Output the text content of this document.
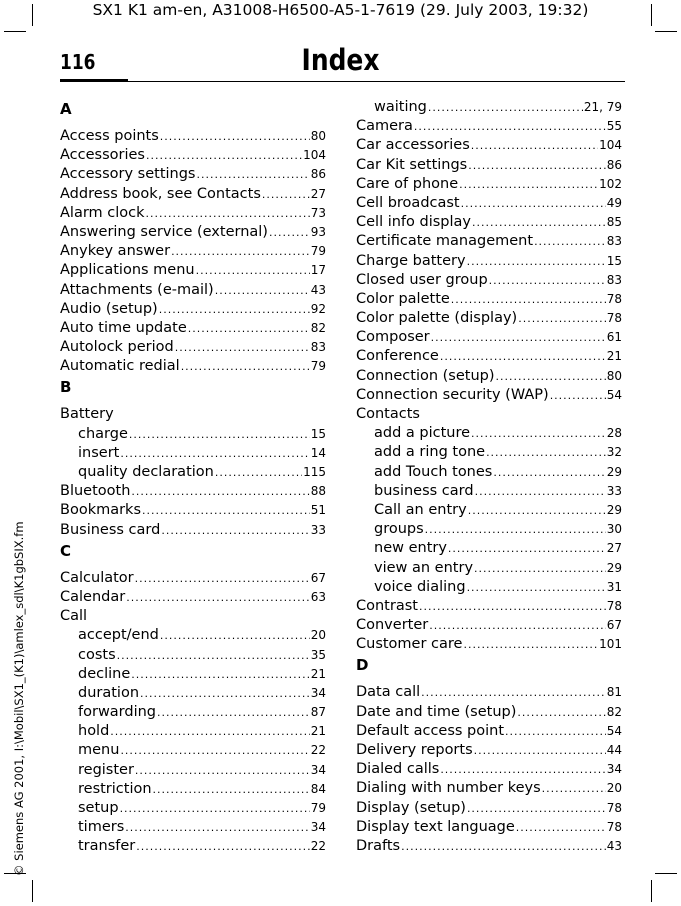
SX1 K1 am-en, A31008-H6500-A5-1-7619 (29. July 2003, 19:32)
© Siemens AG 2001, I:\Mobil\SX1_(K1)\amlex_sdl\K1gbSIX.fm
116	Index
A
Access points .....	80
Accessories .....	104
Accessory settings .....	86
Address book, see Contacts .....	27
Alarm clock .....	73
Answering service (external) .....	93
Anykey answer .....	79
Applications menu .....	17
Attachments (e-mail) .....	43
Audio (setup) .....	92
Auto time update .....	82
Autolock period .....	83
Automatic redial .....	79
B
Battery
charge .....	15
insert .....	14
quality declaration .....	115
Bluetooth .....	88
Bookmarks .....	51
Business card .....	33
C
Calculator .....	67
Calendar .....	63
Call
accept/end .....	20
costs .....	35
decline .....	21
duration .....	34
forwarding .....	87
hold .....	21
menu .....	22
register .....	34
restriction .....	84
setup .....	79
timers .....	34
transfer .....	22
waiting .....	21, 79
Camera .....	55
Car accessories .....	104
Car Kit settings .....	86
Care of phone .....	102
Cell broadcast .....	49
Cell info display .....	85
Certificate management .....	83
Charge battery .....	15
Closed user group .....	83
Color palette .....	78
Color palette (display) .....	78
Composer .....	61
Conference .....	21
Connection (setup) .....	80
Connection security (WAP) .....	54
Contacts
add a picture .....	28
add a ring tone .....	32
add Touch tones .....	29
business card .....	33
Call an entry .....	29
groups .....	30
new entry .....	27
view an entry .....	29
voice dialing .....	31
Contrast .....	78
Converter .....	67
Customer care .....	101
D
Data call .....	81
Date and time (setup) .....	82
Default access point .....	54
Delivery reports .....	44
Dialed calls .....	34
Dialing with number keys .....	20
Display (setup) .....	78
Display text language .....	78
Drafts .....	43
